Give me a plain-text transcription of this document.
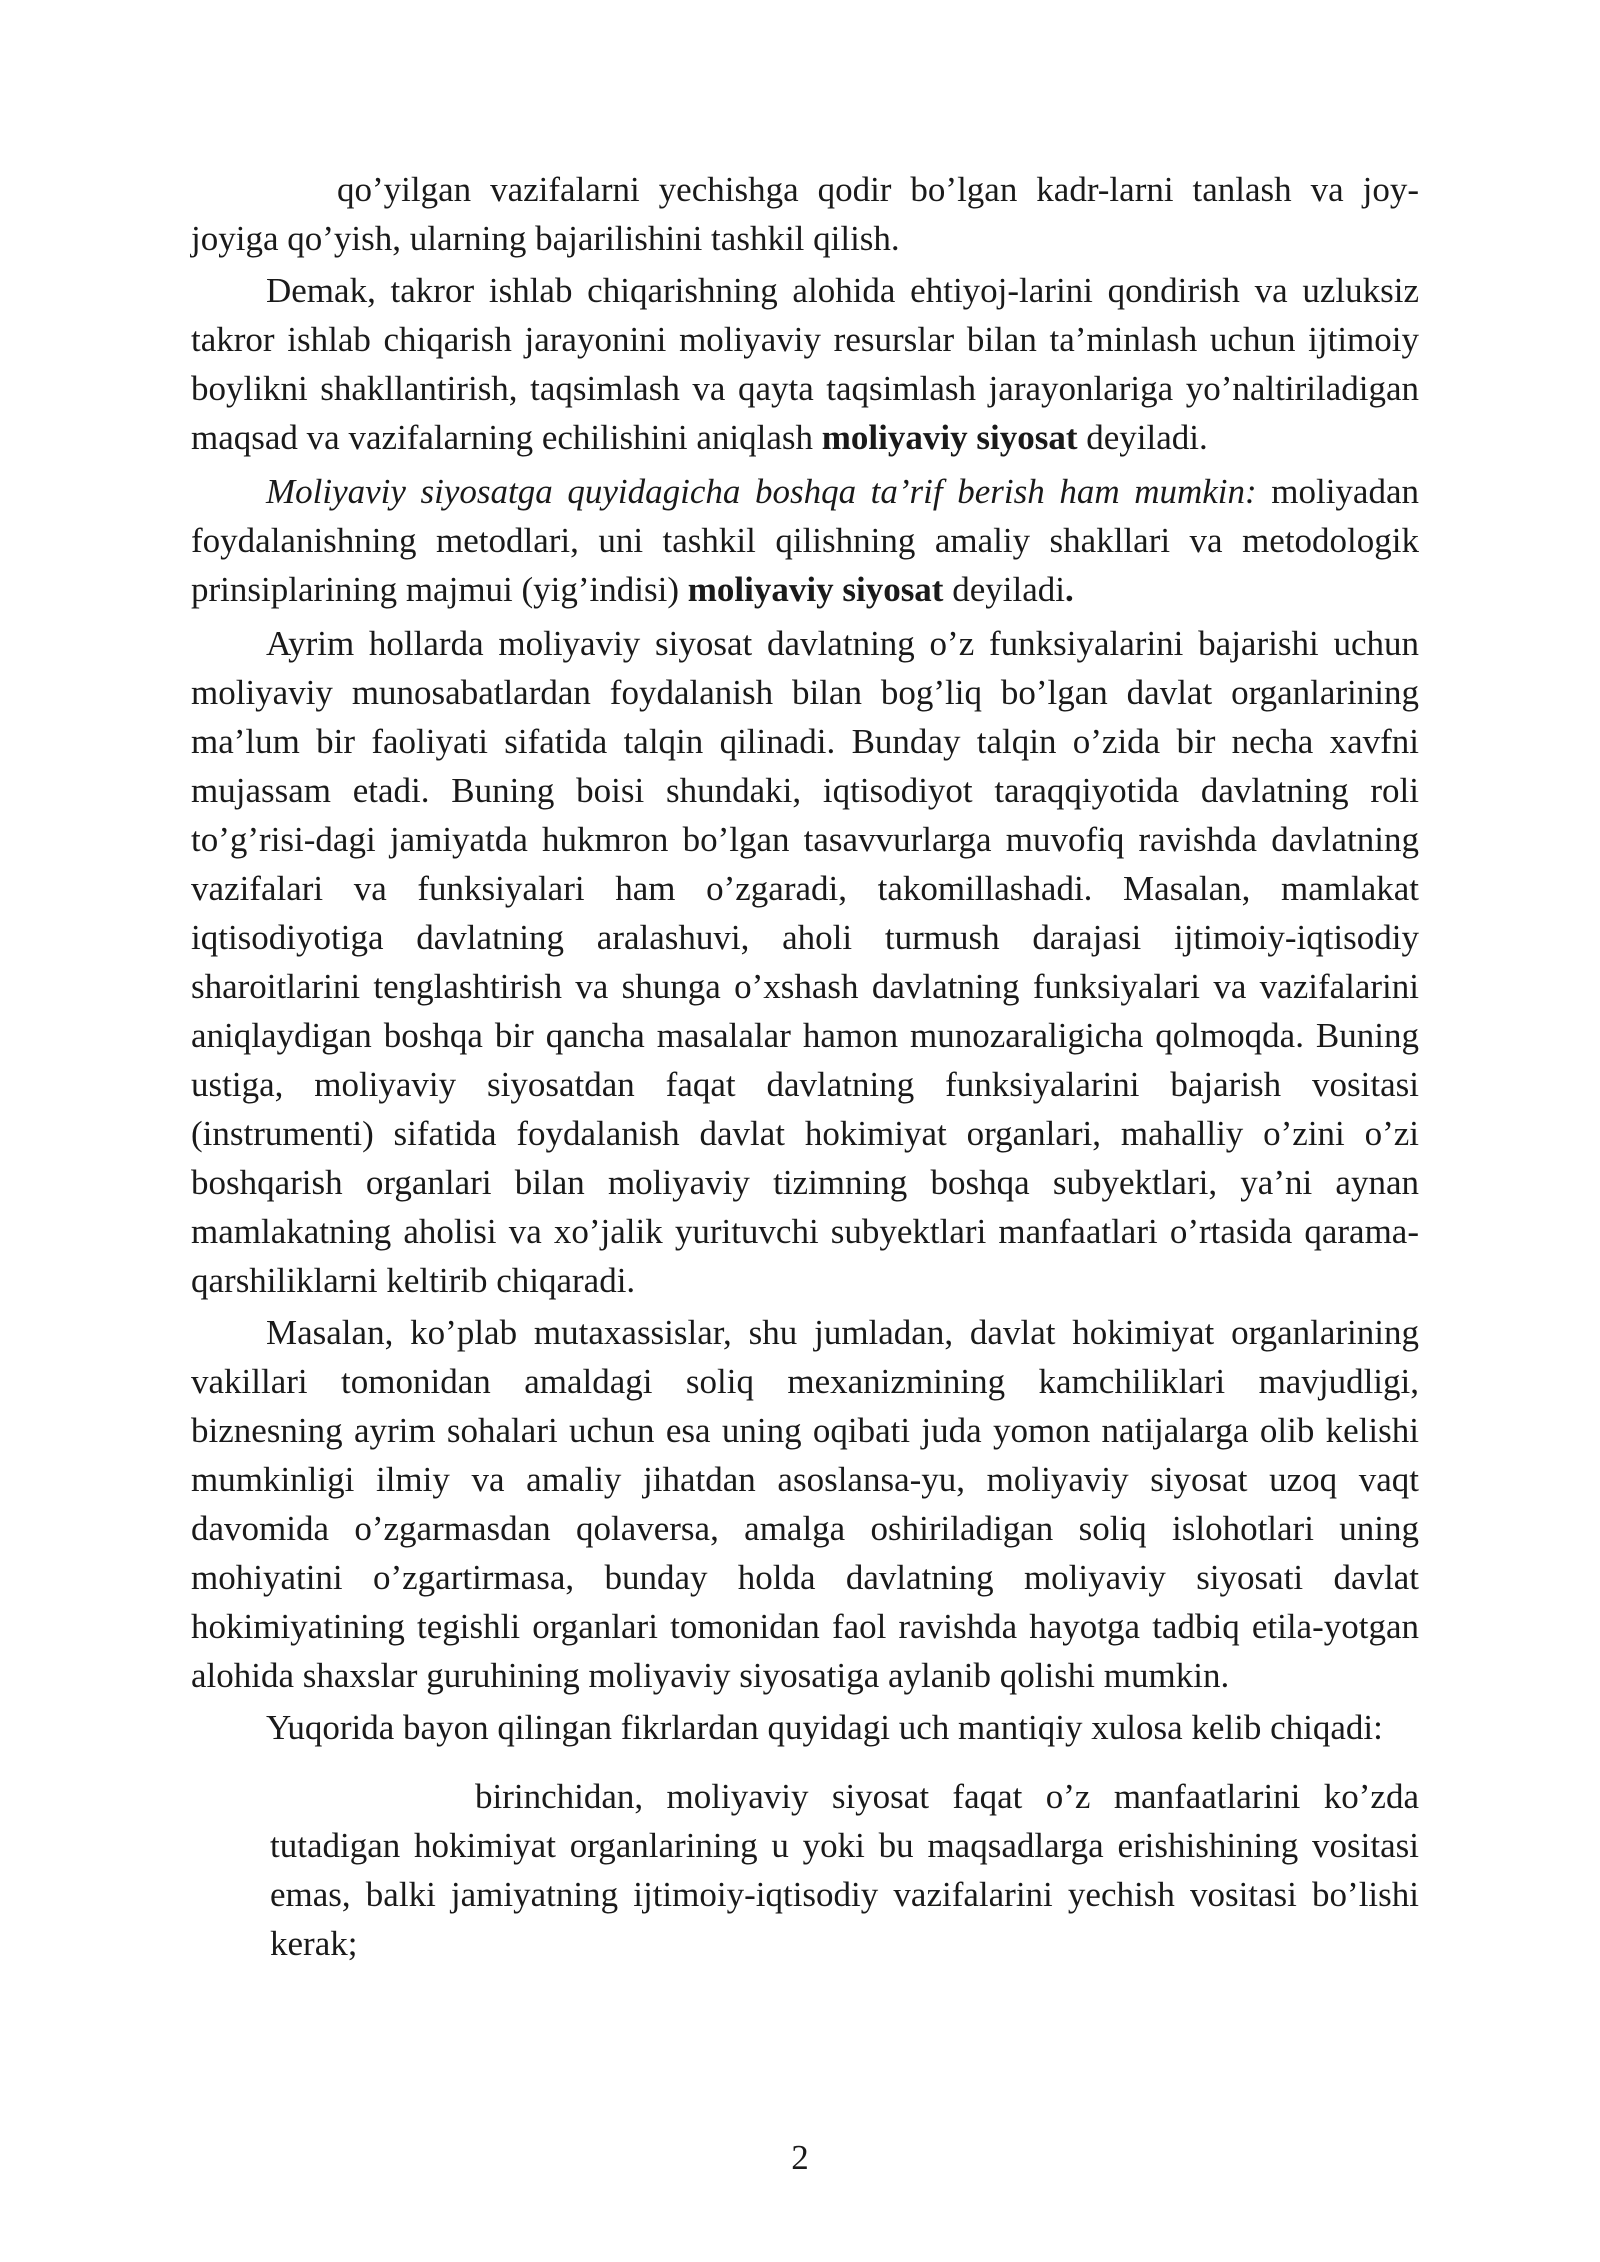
qo’yilgan vazifalarni yechishga qodir bo’lgan kadr-larni tanlash va joy-joyiga qo’yish, ularning bajarilishini tashkil qilish.

Demak, takror ishlab chiqarishning alohida ehtiyoj-larini qondirish va uzluksiz takror ishlab chiqarish jarayonini moliyaviy resurslar bilan ta’minlash uchun ijtimoiy boylikni shakllantirish, taqsimlash va qayta taqsimlash jarayonlariga yo’naltiriladigan maqsad va vazifalarning echilishini aniqlash moliyaviy siyosat deyiladi.

Moliyaviy siyosatga quyidagicha boshqa ta’rif berish ham mumkin: moliyadan foydalanishning metodlari, uni tashkil qilishning amaliy shakllari va metodologik prinsiplarining majmui (yig’indisi) moliyaviy siyosat deyiladi.

Ayrim hollarda moliyaviy siyosat davlatning o’z funksiyalarini bajarishi uchun moliyaviy munosabatlardan foydalanish bilan bog’liq bo’lgan davlat organlarining ma’lum bir faoliyati sifatida talqin qilinadi. Bunday talqin o’zida bir necha xavfni mujassam etadi. Buning boisi shundaki, iqtisodiyot taraqqiyotida davlatning roli to’g’risi-dagi jamiyatda hukmron bo’lgan tasavvurlarga muvofiq ravishda davlatning vazifalari va funksiyalari ham o’zgaradi, takomillashadi. Masalan, mamlakat iqtisodiyotiga davlatning aralashuvi, aholi turmush darajasi ijtimoiy-iqtisodiy sharoitlarini tenglashtirish va shunga o’xshash davlatning funksiyalari va vazifalarini aniqlaydigan boshqa bir qancha masalalar hamon munozaraligicha qolmoqda. Buning ustiga, moliyaviy siyosatdan faqat davlatning funksiyalarini bajarish vositasi (instrumenti) sifatida foydalanish davlat hokimiyat organlari, mahalliy o’zini o’zi boshqarish organlari bilan moliyaviy tizimning boshqa subyektlari, ya’ni aynan mamlakatning aholisi va xo’jalik yurituvchi subyektlari manfaatlari o’rtasida qarama-qarshiliklarni keltirib chiqaradi.

Masalan, ko’plab mutaxassislar, shu jumladan, davlat hokimiyat organlarining vakillari tomonidan amaldagi soliq mexanizmining kamchiliklari mavjudligi, biznesning ayrim sohalari uchun esa uning oqibati juda yomon natijalarga olib kelishi mumkinligi ilmiy va amaliy jihatdan asoslansa-yu, moliyaviy siyosat uzoq vaqt davomida o’zgarmasdan qolaversa, amalga oshiriladigan soliq islohotlari uning mohiyatini o’zgartirmasa, bunday holda davlatning moliyaviy siyosati davlat hokimiyatining tegishli organlari tomonidan faol ravishda hayotga tadbiq etila-yotgan alohida shaxslar guruhining moliyaviy siyosatiga aylanib qolishi mumkin.

Yuqorida bayon qilingan fikrlardan quyidagi uch mantiqiy xulosa kelib chiqadi:

birinchidan, moliyaviy siyosat faqat o’z manfaatlarini ko’zda tutadigan hokimiyat organlarining u yoki bu maqsadlarga erishishining vositasi emas, balki jamiyatning ijtimoiy-iqtisodiy vazifalarini yechish vositasi bo’lishi kerak;
2
